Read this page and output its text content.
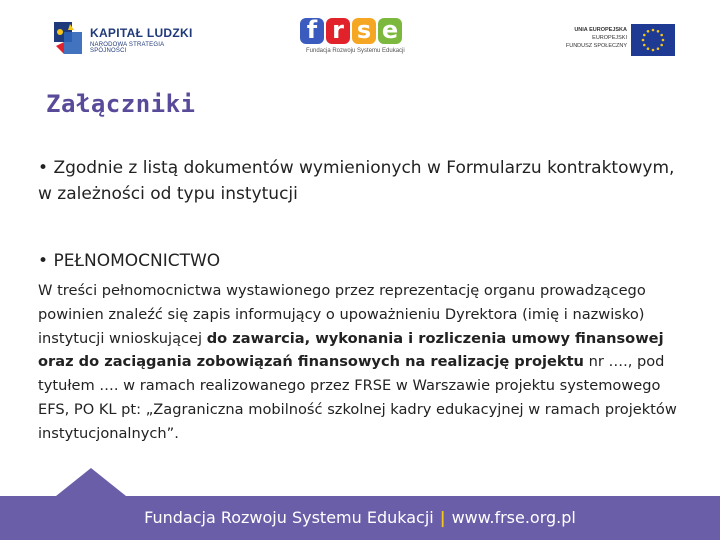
KAPITAŁ LUDZKI
NARODOWA STRATEGIA SPÓJNOŚCI
f r s e
Fundacja Rozwoju Systemu Edukacji
UNIA EUROPEJSKA
EUROPEJSKI
FUNDUSZ SPOŁECZNY
Załączniki
• Zgodnie z listą dokumentów wymienionych w Formularzu kontraktowym, w zależności od typu instytucji
• PEŁNOMOCNICTWO
W treści pełnomocnictwa wystawionego przez reprezentację organu prowadzącego powinien znaleźć się zapis informujący o upoważnieniu Dyrektora (imię i nazwisko) instytucji wnioskującej do zawarcia, wykonania i rozliczenia umowy finansowej oraz do zaciągania zobowiązań finansowych na realizację projektu nr …., pod tytułem …. w ramach realizowanego przez FRSE w Warszawie projektu systemowego EFS, PO KL pt: „Zagraniczna mobilność szkolnej kadry edukacyjnej w ramach projektów instytucjonalnych”.
Fundacja Rozwoju Systemu Edukacji | www.frse.org.pl
